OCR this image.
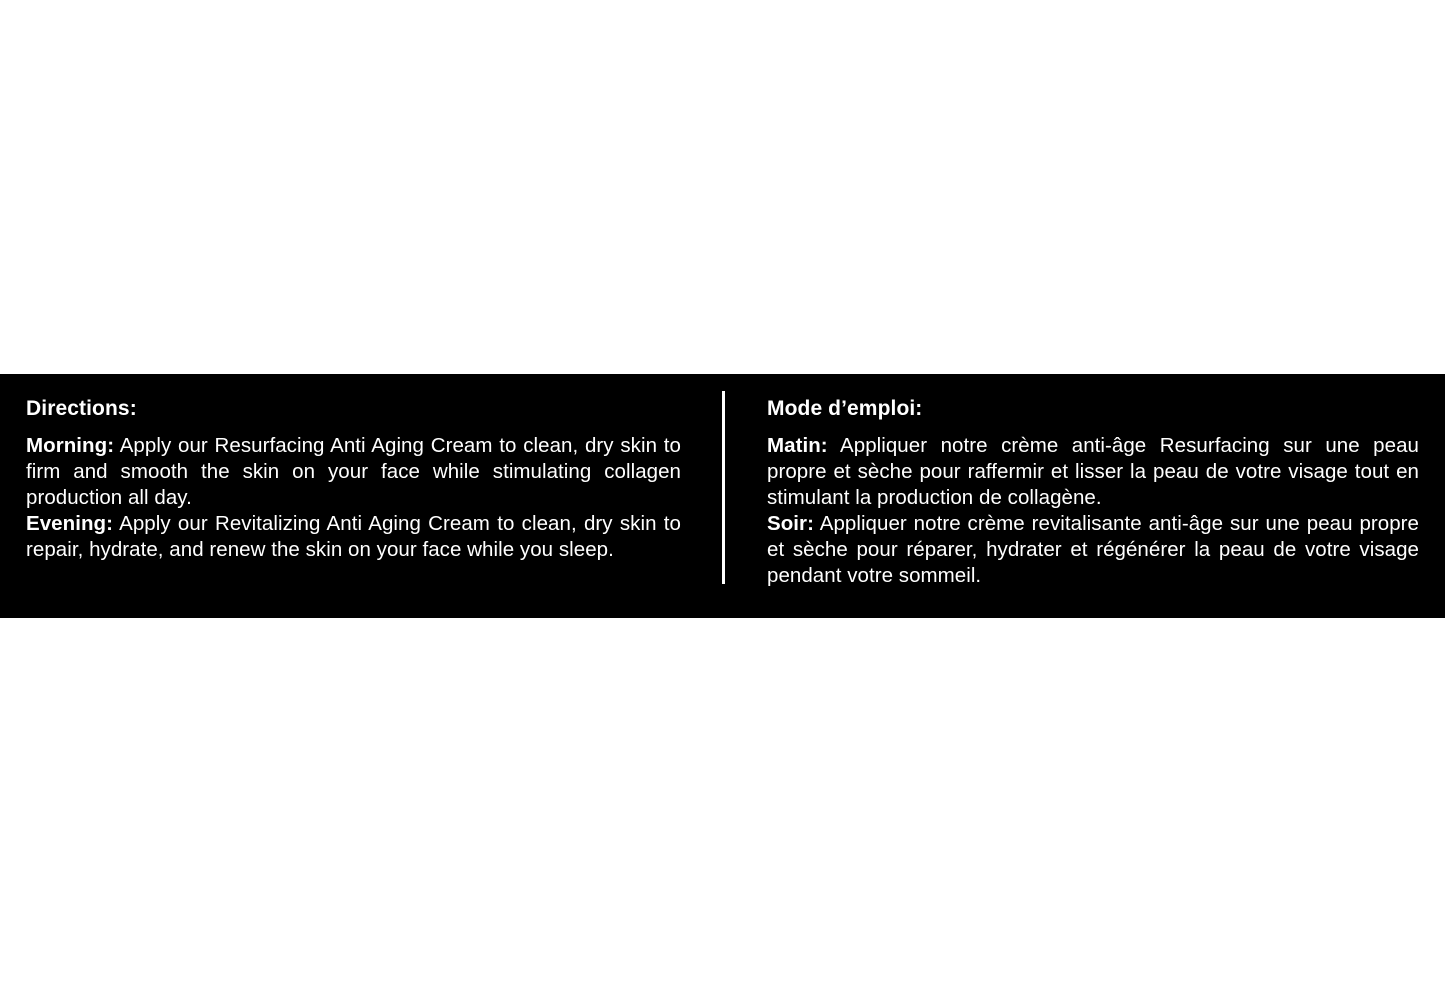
Directions:

Morning: Apply our Resurfacing Anti Aging Cream to clean, dry skin to firm and smooth the skin on your face while stimulating collagen production all day.

Evening: Apply our Revitalizing Anti Aging Cream to clean, dry skin to repair, hydrate, and renew the skin on your face while you sleep.

Mode d’emploi:

Matin: Appliquer notre crème anti-âge Resurfacing sur une peau propre et sèche pour raffermir et lisser la peau de votre visage tout en stimulant la production de collagène.

Soir: Appliquer notre crème revitalisante anti-âge sur une peau propre et sèche pour réparer, hydrater et régénérer la peau de votre visage pendant votre sommeil.
